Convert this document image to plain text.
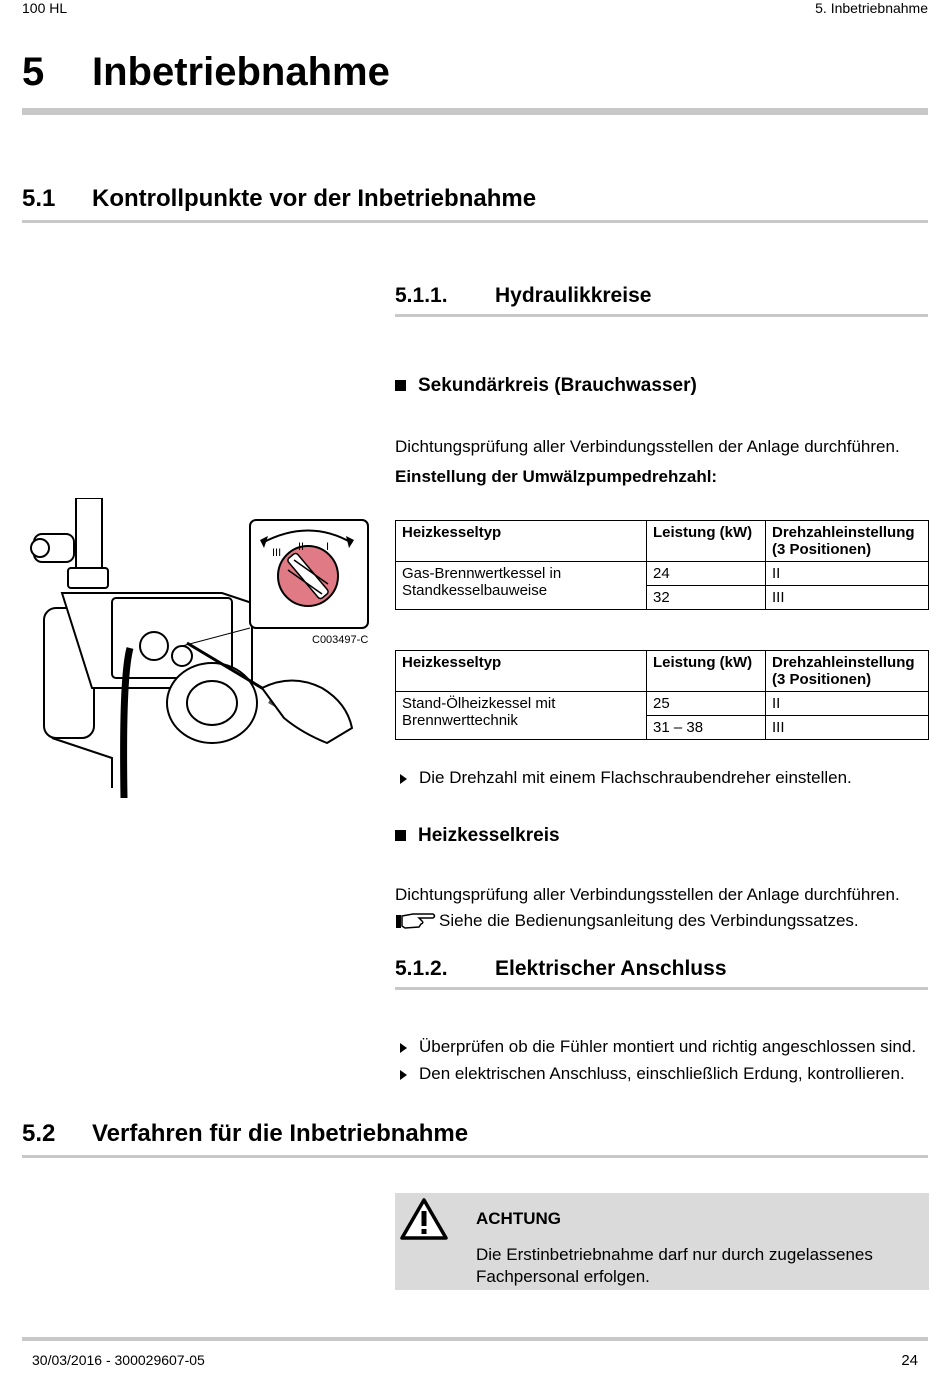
100 HL	5. Inbetriebnahme
5 Inbetriebnahme
5.1 Kontrollpunkte vor der Inbetriebnahme
5.1.1. Hydraulikkreise
Sekundärkreis (Brauchwasser)
Dichtungsprüfung aller Verbindungsstellen der Anlage durchführen.
Einstellung der Umwälzpumpedrehzahl:
III II I
C003497-C
Heizkesseltyp	Leistung (kW)	Drehzahleinstellung (3 Positionen)
Gas-Brennwertkessel in Standkesselbauweise	24	II
	32	III
Heizkesseltyp	Leistung (kW)	Drehzahleinstellung (3 Positionen)
Stand-Ölheizkessel mit Brennwerttechnik	25	II
	31 – 38	III
Die Drehzahl mit einem Flachschraubendreher einstellen.
Heizkesselkreis
Dichtungsprüfung aller Verbindungsstellen der Anlage durchführen.
Siehe die Bedienungsanleitung des Verbindungssatzes.
5.1.2. Elektrischer Anschluss
Überprüfen ob die Fühler montiert und richtig angeschlossen sind.
Den elektrischen Anschluss, einschließlich Erdung, kontrollieren.
5.2 Verfahren für die Inbetriebnahme
ACHTUNG
Die Erstinbetriebnahme darf nur durch zugelassenes Fachpersonal erfolgen.
30/03/2016 - 300029607-05	24
